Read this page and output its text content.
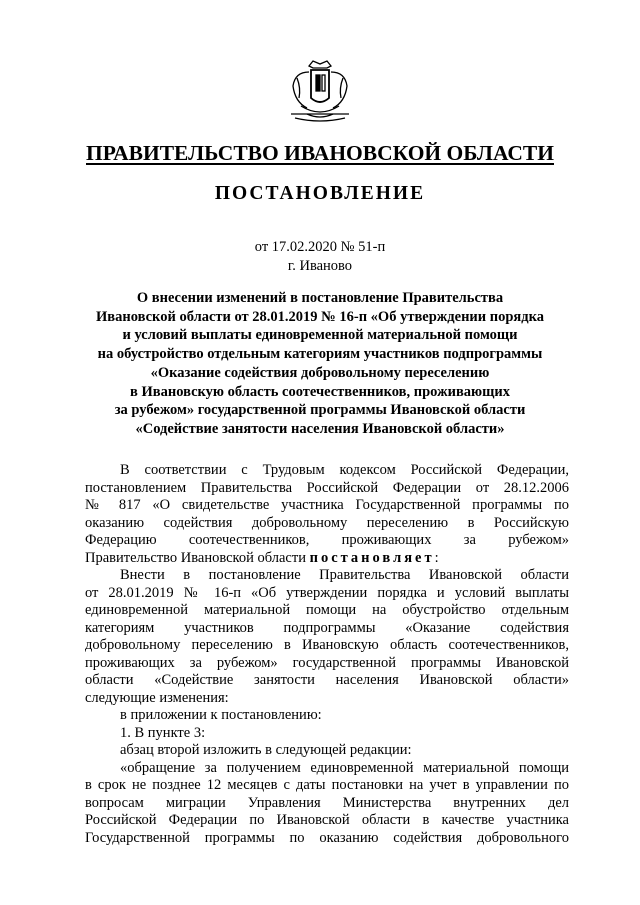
ПРАВИТЕЛЬСТВО ИВАНОВСКОЙ ОБЛАСТИ
ПОСТАНОВЛЕНИЕ
от 17.02.2020 № 51-п
г. Иваново
О внесении изменений в постановление Правительства
Ивановской области от 28.01.2019 № 16-п «Об утверждении порядка
и условий выплаты единовременной материальной помощи
на обустройство отдельным категориям участников подпрограммы
«Оказание содействия добровольному переселению
в Ивановскую область соотечественников, проживающих
за рубежом» государственной программы Ивановской области
«Содействие занятости населения Ивановской области»
В соответствии с Трудовым кодексом Российской Федерации,
постановлением Правительства Российской Федерации от 28.12.2006
№ 817 «О свидетельстве участника Государственной программы по
оказанию содействия добровольному переселению в Российскую
Федерацию соотечественников, проживающих за рубежом»
Правительство Ивановской области постановляет:
Внести в постановление Правительства Ивановской области
от 28.01.2019 № 16-п «Об утверждении порядка и условий выплаты
единовременной материальной помощи на обустройство отдельным
категориям участников подпрограммы «Оказание содействия
добровольному переселению в Ивановскую область соотечественников,
проживающих за рубежом» государственной программы Ивановской
области «Содействие занятости населения Ивановской области»
следующие изменения:
в приложении к постановлению:
1. В пункте 3:
абзац второй изложить в следующей редакции:
«обращение за получением единовременной материальной помощи
в срок не позднее 12 месяцев с даты постановки на учет в управлении по
вопросам миграции Управления Министерства внутренних дел
Российской Федерации по Ивановской области в качестве участника
Государственной программы по оказанию содействия добровольного
